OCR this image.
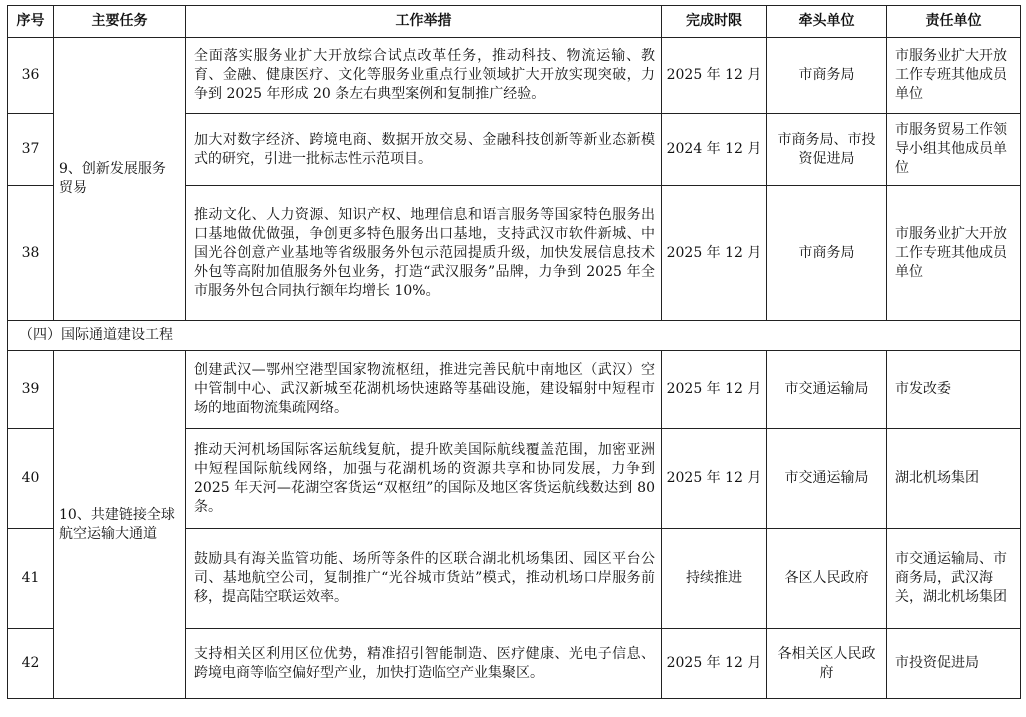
序号	主要任务	工作举措	完成时限	牵头单位	责任单位
36	9、创新发展服务贸易	全面落实服务业扩大开放综合试点改革任务，推动科技、物流运输、教育、金融、健康医疗、文化等服务业重点行业领域扩大开放实现突破，力争到 2025 年形成 20 条左右典型案例和复制推广经验。	2025 年 12 月	市商务局	市服务业扩大开放工作专班其他成员单位
37		加大对数字经济、跨境电商、数据开放交易、金融科技创新等新业态新模式的研究，引进一批标志性示范项目。	2024 年 12 月	市商务局、市投资促进局	市服务贸易工作领导小组其他成员单位
38		推动文化、人力资源、知识产权、地理信息和语言服务等国家特色服务出口基地做优做强，争创更多特色服务出口基地，支持武汉市软件新城、中国光谷创意产业基地等省级服务外包示范园提质升级，加快发展信息技术外包等高附加值服务外包业务，打造“武汉服务”品牌，力争到 2025 年全市服务外包合同执行额年均增长 10%。	2025 年 12 月	市商务局	市服务业扩大开放工作专班其他成员单位
（四）国际通道建设工程					
39	10、共建链接全球航空运输大通道	创建武汉—鄂州空港型国家物流枢纽，推进完善民航中南地区（武汉）空中管制中心、武汉新城至花湖机场快速路等基础设施，建设辐射中短程市场的地面物流集疏网络。	2025 年 12 月	市交通运输局	市发改委
40		推动天河机场国际客运航线复航，提升欧美国际航线覆盖范围，加密亚洲中短程国际航线网络，加强与花湖机场的资源共享和协同发展，力争到 2025 年天河—花湖空客货运“双枢纽”的国际及地区客货运航线数达到 80 条。	2025 年 12 月	市交通运输局	湖北机场集团
41		鼓励具有海关监管功能、场所等条件的区联合湖北机场集团、园区平台公司、基地航空公司，复制推广“光谷城市货站”模式，推动机场口岸服务前移，提高陆空联运效率。	持续推进	各区人民政府	市交通运输局、市商务局，武汉海关，湖北机场集团
42		支持相关区利用区位优势，精准招引智能制造、医疗健康、光电子信息、跨境电商等临空偏好型产业，加快打造临空产业集聚区。	2025 年 12 月	各相关区人民政府	市投资促进局
